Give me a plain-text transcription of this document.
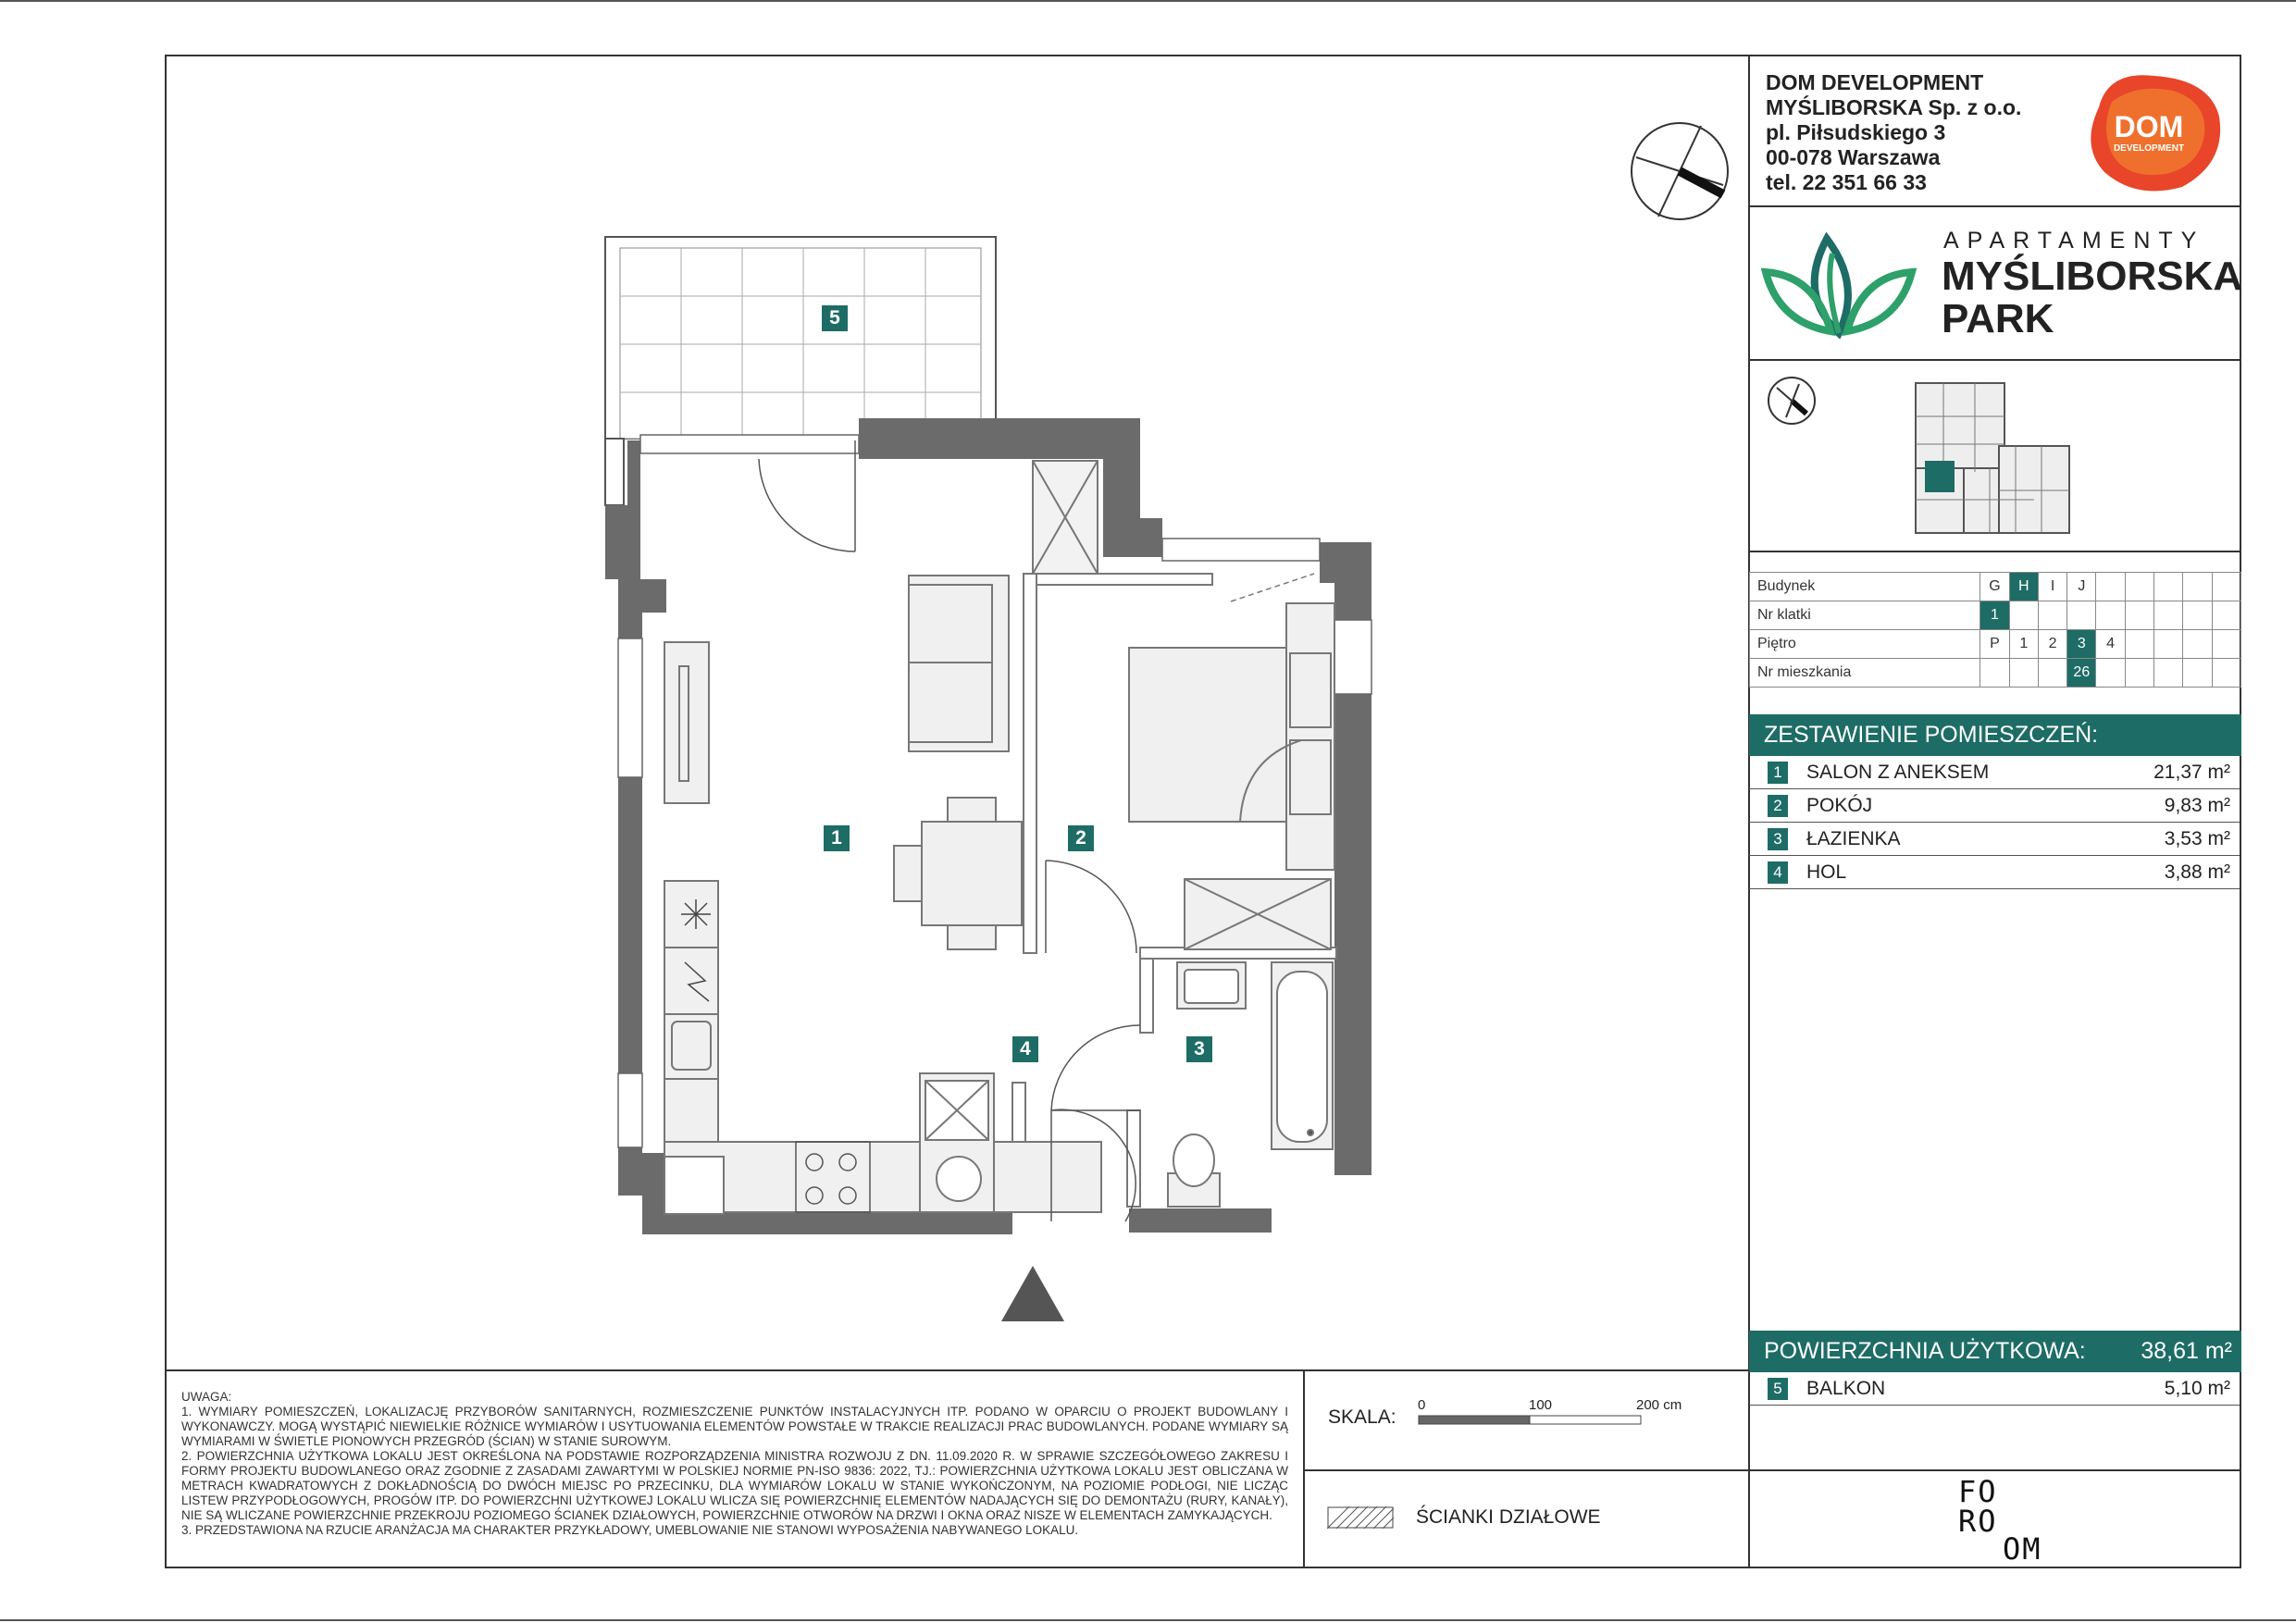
DOM DEVELOPMENT
MYŚLIBORSKA Sp. z o.o.
pl. Piłsudskiego 3
00-078 Warszawa
tel. 22 351 66 33
DOM
DEVELOPMENT
APARTAMENTY
MYŚLIBORSKA
PARK
Budynek	G	H	I	J					
Nr klatki	1								
Piętro	P	1	2	3	4				
Nr mieszkania				26					
ZESTAWIENIE POMIESZCZEŃ:
1 SALON Z ANEKSEM	21,37 m²
2 POKÓJ	9,83 m²
3 ŁAZIENKA	3,53 m²
4 HOL	3,88 m²
POWIERZCHNIA UŻYTKOWA: 38,61 m²
5 BALKON	5,10 m²
UWAGA:
1. WYMIARY POMIESZCZEŃ, LOKALIZACJĘ PRZYBORÓW SANITARNYCH, ROZMIESZCZENIE PUNKTÓW INSTALACYJNYCH ITP. PODANO W OPARCIU O PROJEKT BUDOWLANY I WYKONAWCZY. MOGĄ WYSTĄPIĆ NIEWIELKIE RÓŻNICE WYMIARÓW I USYTUOWANIA ELEMENTÓW POWSTAŁE W TRAKCIE REALIZACJI PRAC BUDOWLANYCH. PODANE WYMIARY SĄ WYMIARAMI W ŚWIETLE PIONOWYCH PRZEGRÓD (ŚCIAN) W STANIE SUROWYM.
2. POWIERZCHNIA UŻYTKOWA LOKALU JEST OKREŚLONA NA PODSTAWIE ROZPORZĄDZENIA MINISTRA ROZWOJU Z DN. 11.09.2020 R. W SPRAWIE SZCZEGÓŁOWEGO ZAKRESU I FORMY PROJEKTU BUDOWLANEGO ORAZ ZGODNIE Z ZASADAMI ZAWARTYMI W POLSKIEJ NORMIE PN-ISO 9836: 2022, TJ.: POWIERZCHNIA UŻYTKOWA LOKALU JEST OBLICZANA W METRACH KWADRATOWYCH Z DOKŁADNOŚCIĄ DO DWÓCH MIEJSC PO PRZECINKU, DLA WYMIARÓW LOKALU W STANIE WYKOŃCZONYM, NA POZIOMIE PODŁOGI, NIE LICZĄC LISTEW PRZYPODŁOGOWYCH, PROGÓW ITP. DO POWIERZCHNI UŻYTKOWEJ LOKALU WLICZA SIĘ POWIERZCHNIĘ ELEMENTÓW NADAJĄCYCH SIĘ DO DEMONTAŻU (RURY, KANAŁY), NIE SĄ WLICZANE POWIERZCHNIE PRZEKROJU POZIOMEGO ŚCIANEK DZIAŁOWYCH, POWIERZCHNIE OTWORÓW NA DRZWI I OKNA ORAZ NISZE W ELEMENTACH ZAMYKAJĄCYCH.
3. PRZEDSTAWIONA NA RZUCIE ARANŻACJA MA CHARAKTER PRZYKŁADOWY, UMEBLOWANIE NIE STANOWI WYPOSAŻENIA NABYWANEGO LOKALU.
SKALA:
0	100	200 cm
ŚCIANKI DZIAŁOWE
FO
RO
OM
1	2
3
4
5
